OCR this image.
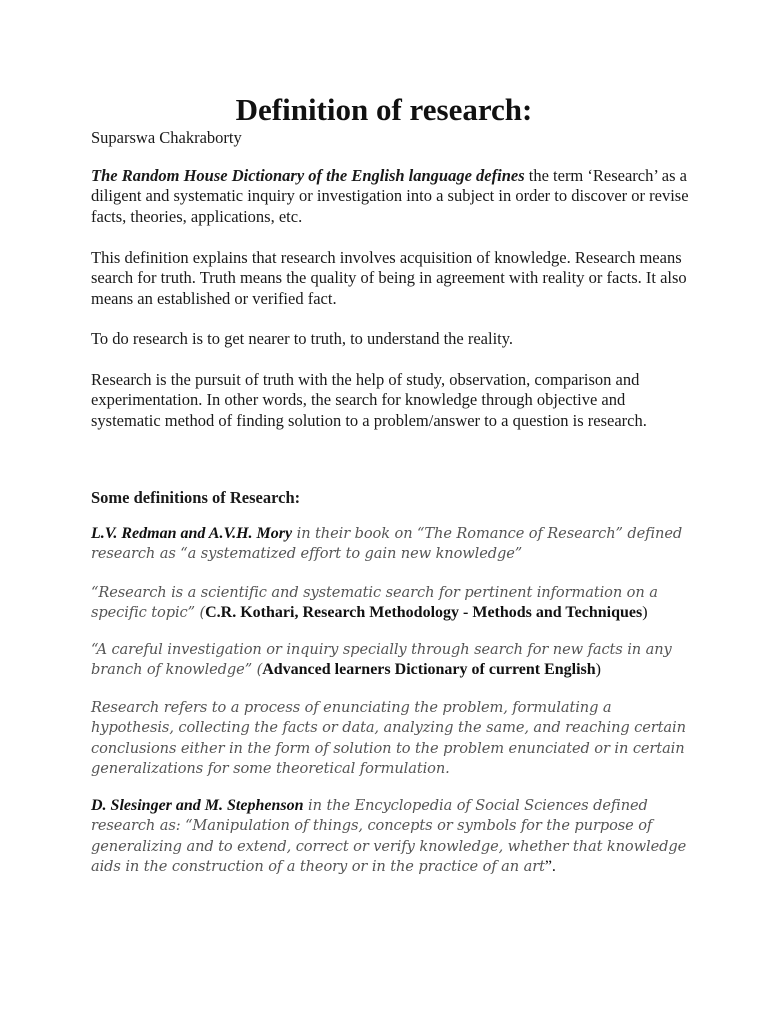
Definition of research:
Suparswa Chakraborty

The Random House Dictionary of the English language defines the term ‘Research’ as a diligent and systematic inquiry or investigation into a subject in order to discover or revise facts, theories, applications, etc.

This definition explains that research involves acquisition of knowledge. Research means search for truth. Truth means the quality of being in agreement with reality or facts. It also means an established or verified fact.

To do research is to get nearer to truth, to understand the reality.

Research is the pursuit of truth with the help of study, observation, comparison and experimentation. In other words, the search for knowledge through objective and systematic method of finding solution to a problem/answer to a question is research.

Some definitions of Research:

L.V. Redman and A.V.H. Mory in their book on “The Romance of Research” defined research as “a systematized effort to gain new knowledge”

“Research is a scientific and systematic search for pertinent information on a specific topic” (C.R. Kothari, Research Methodology - Methods and Techniques)

“A careful investigation or inquiry specially through search for new facts in any branch of knowledge” (Advanced learners Dictionary of current English)

Research refers to a process of enunciating the problem, formulating a hypothesis, collecting the facts or data, analyzing the same, and reaching certain conclusions either in the form of solution to the problem enunciated or in certain generalizations for some theoretical formulation.

D. Slesinger and M. Stephenson in the Encyclopedia of Social Sciences defined research as: “Manipulation of things, concepts or symbols for the purpose of generalizing and to extend, correct or verify knowledge, whether that knowledge aids in the construction of a theory or in the practice of an art”.
